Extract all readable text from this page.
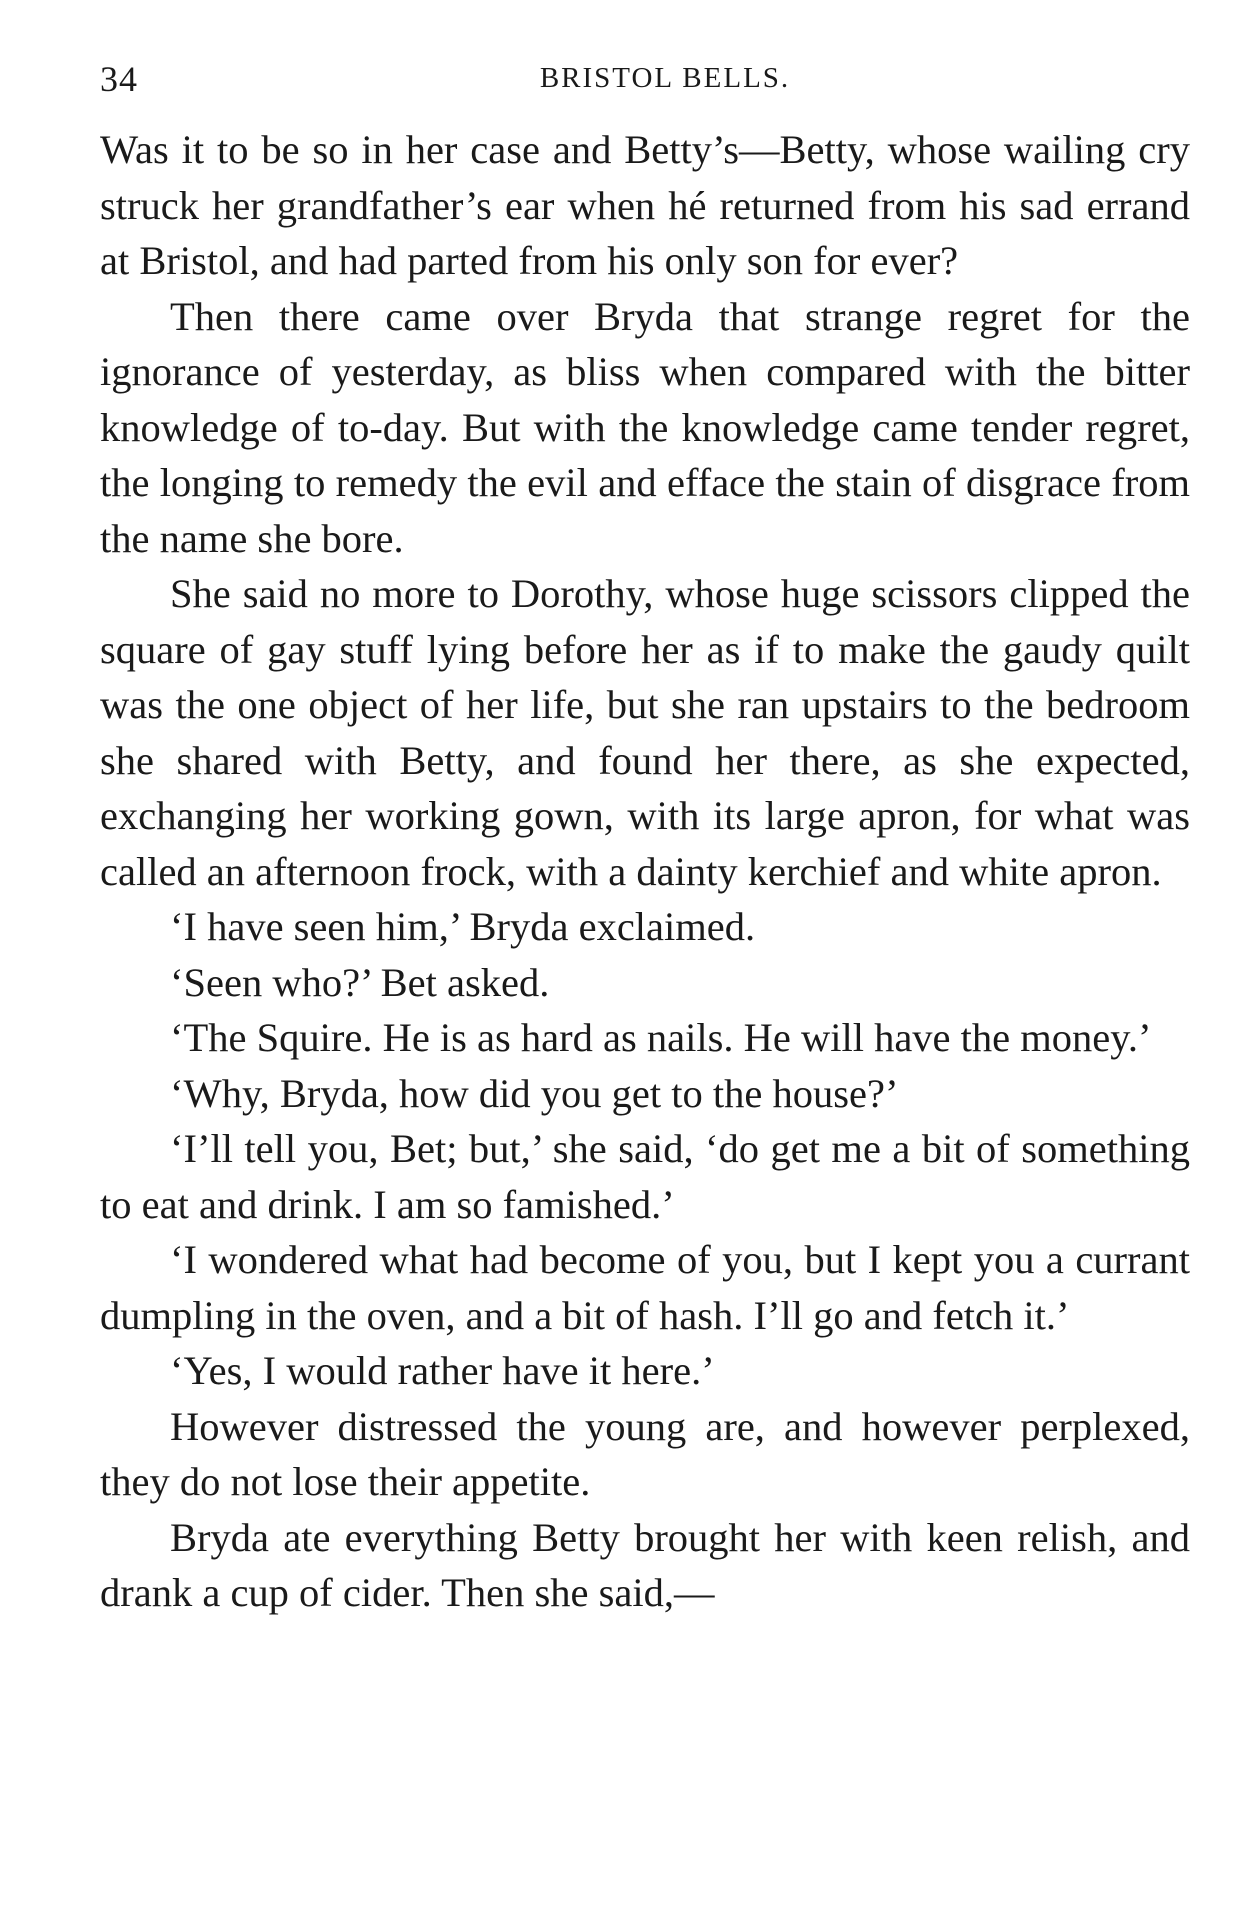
34	BRISTOL BELLS.

Was it to be so in her case and Betty’s—Betty, whose wailing cry struck her grandfather’s ear when hé returned from his sad errand at Bristol, and had parted from his only son for ever?

Then there came over Bryda that strange regret for the ignorance of yesterday, as bliss when compared with the bitter knowledge of to-day. But with the knowledge came tender regret, the longing to remedy the evil and efface the stain of disgrace from the name she bore.

She said no more to Dorothy, whose huge scissors clipped the square of gay stuff lying before her as if to make the gaudy quilt was the one object of her life, but she ran upstairs to the bedroom she shared with Betty, and found her there, as she expected, exchanging her working gown, with its large apron, for what was called an afternoon frock, with a dainty kerchief and white apron.

‘I have seen him,’ Bryda exclaimed.

‘Seen who?’ Bet asked.

‘The Squire. He is as hard as nails. He will have the money.’

‘Why, Bryda, how did you get to the house?’

‘I’ll tell you, Bet; but,’ she said, ‘do get me a bit of something to eat and drink. I am so famished.’

‘I wondered what had become of you, but I kept you a currant dumpling in the oven, and a bit of hash. I’ll go and fetch it.’

‘Yes, I would rather have it here.’

However distressed the young are, and however perplexed, they do not lose their appetite.

Bryda ate everything Betty brought her with keen relish, and drank a cup of cider. Then she said,—
